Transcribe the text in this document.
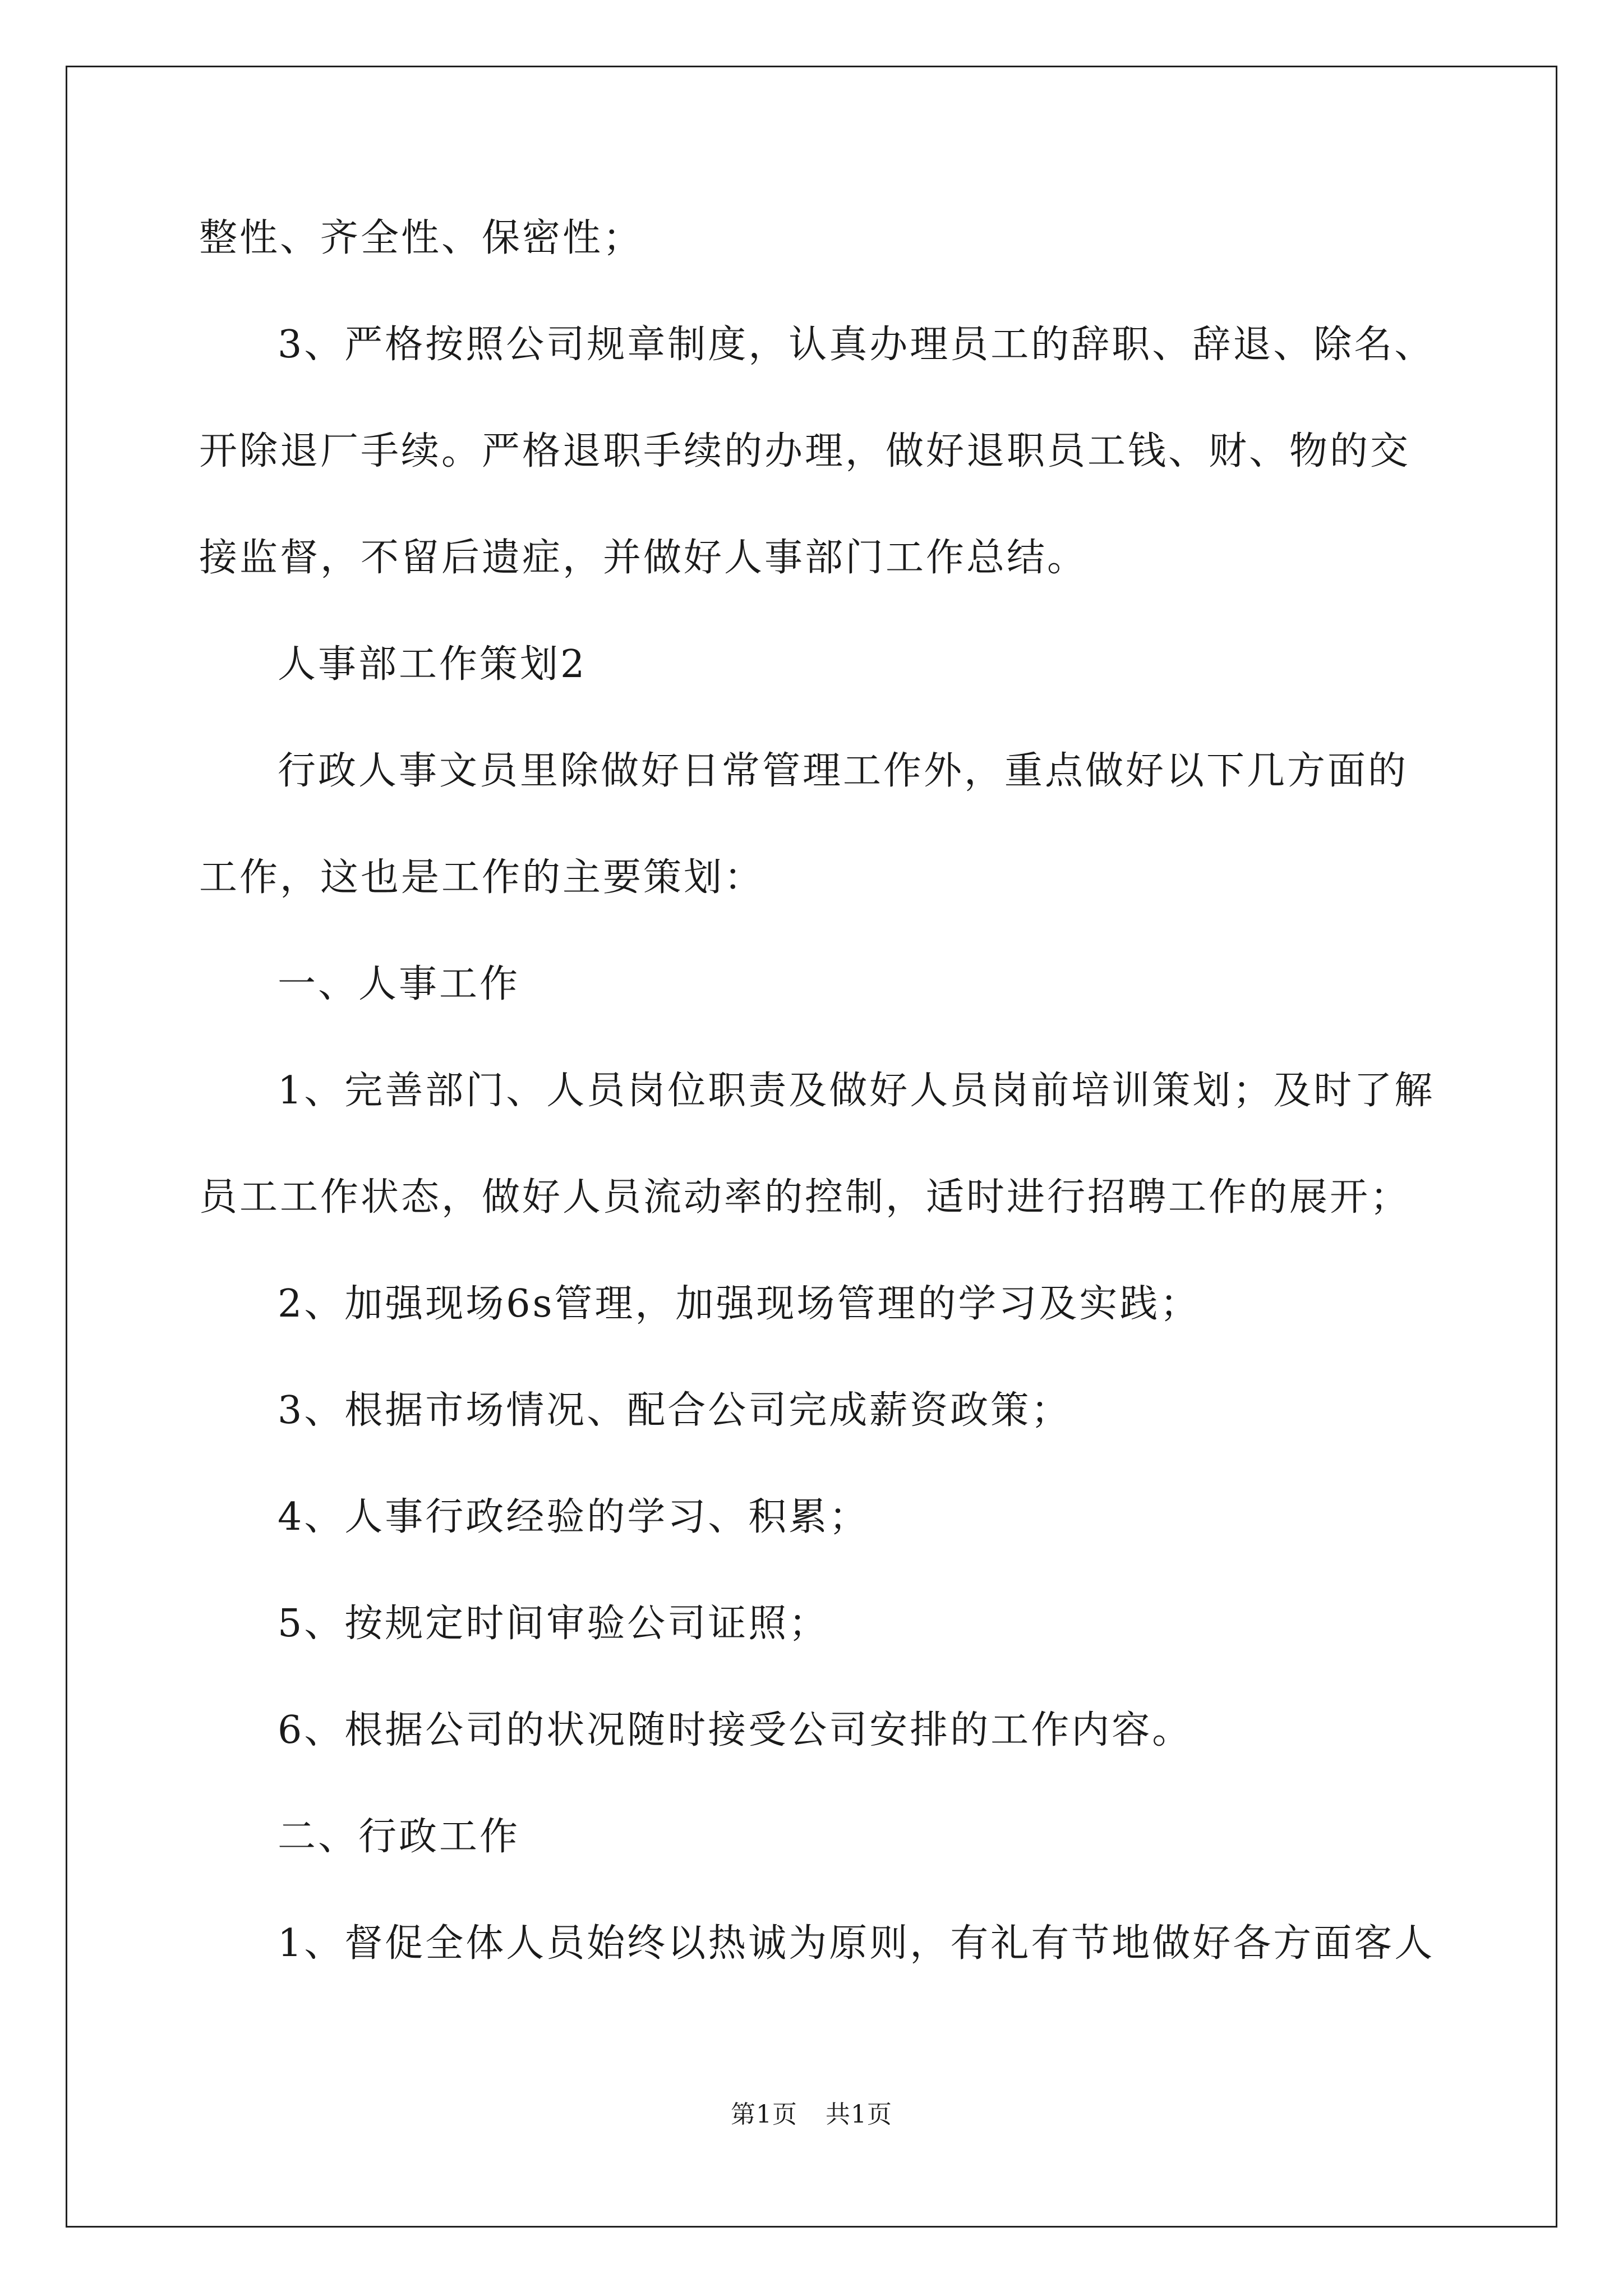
整性、齐全性、保密性；
3、严格按照公司规章制度，认真办理员工的辞职、辞退、除名、
开除退厂手续。严格退职手续的办理，做好退职员工钱、财、物的交
接监督，不留后遗症，并做好人事部门工作总结。
人事部工作策划2
行政人事文员里除做好日常管理工作外，重点做好以下几方面的
工作，这也是工作的主要策划：
一、人事工作
1、完善部门、人员岗位职责及做好人员岗前培训策划；及时了解
员工工作状态，做好人员流动率的控制，适时进行招聘工作的展开；
2、加强现场6s管理，加强现场管理的学习及实践；
3、根据市场情况、配合公司完成薪资政策；
4、人事行政经验的学习、积累；
5、按规定时间审验公司证照；
6、根据公司的状况随时接受公司安排的工作内容。
二、行政工作
1、督促全体人员始终以热诚为原则，有礼有节地做好各方面客人
第1页 共1页
